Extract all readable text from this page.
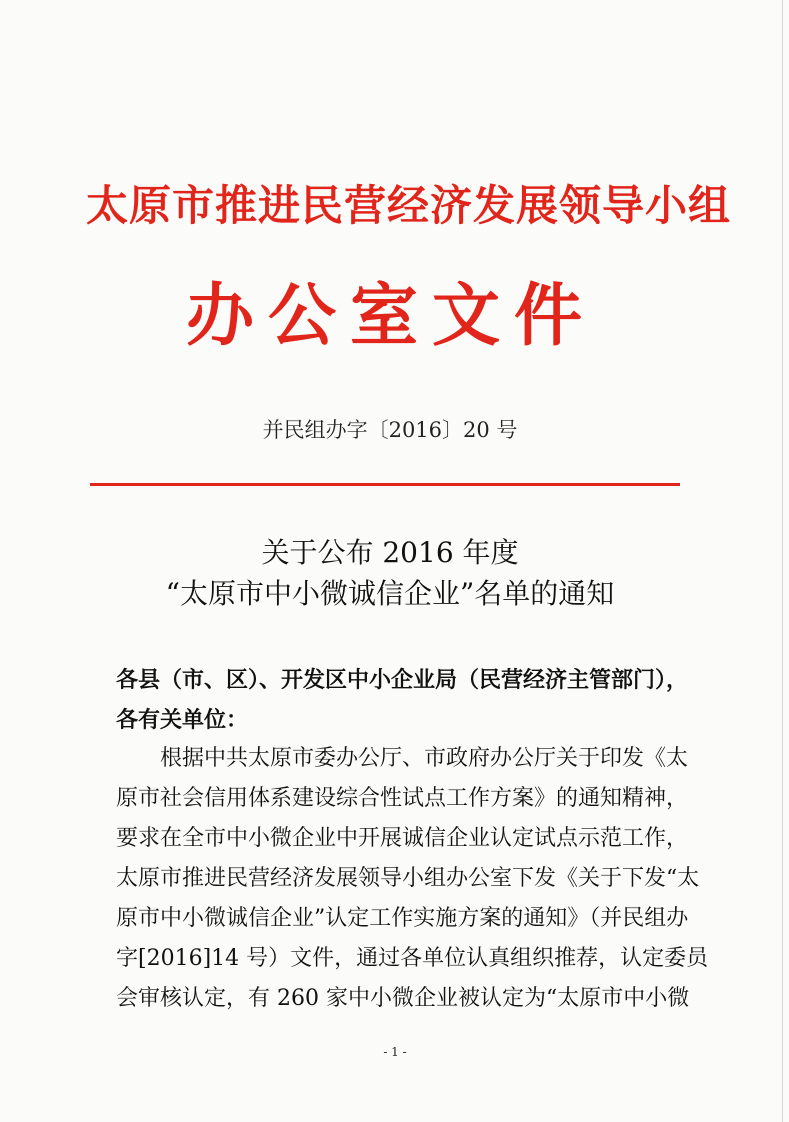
太原市推进民营经济发展领导小组
办公室文件
并民组办字〔2016〕20 号
关于公布 2016 年度
“太原市中小微诚信企业”名单的通知
各县（市、区）、开发区中小企业局（民营经济主管部门），
各有关单位：
根据中共太原市委办公厅、市政府办公厅关于印发《太
原市社会信用体系建设综合性试点工作方案》的通知精神，
要求在全市中小微企业中开展诚信企业认定试点示范工作，
太原市推进民营经济发展领导小组办公室下发《关于下发“太
原市中小微诚信企业”认定工作实施方案的通知》（并民组办
字[2016]14 号）文件，通过各单位认真组织推荐，认定委员
会审核认定，有 260 家中小微企业被认定为“太原市中小微
- 1 -
